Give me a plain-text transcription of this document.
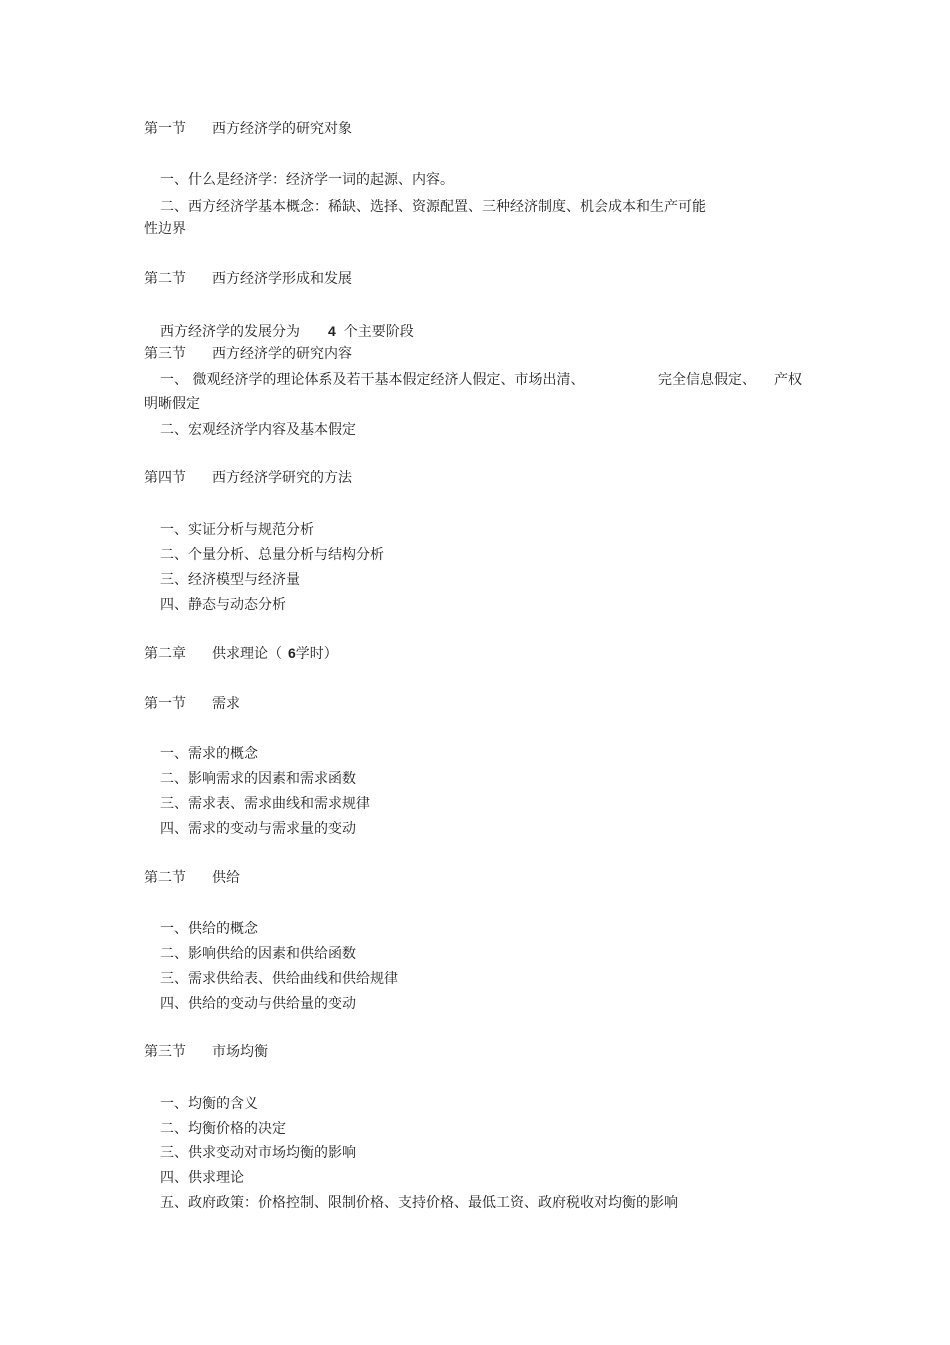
第一节 西方经济学的研究对象
一、什么是经济学：经济学一词的起源、内容。
二、西方经济学基本概念：稀缺、选择、资源配置、三种经济制度、机会成本和生产可能
性边界
第二节 西方经济学形成和发展
西方经济学的发展分为 4 个主要阶段
第三节 西方经济学的研究内容
一、 微观经济学的理论体系及若干基本假定经济人假定、市场出清、	完全信息假定、 产权
明晰假定
二、宏观经济学内容及基本假定
第四节 西方经济学研究的方法
一、实证分析与规范分析
二、个量分析、总量分析与结构分析
三、经济模型与经济量
四、静态与动态分析
第二章 供求理论（ 6学时）
第一节 需求
一、需求的概念
二、影响需求的因素和需求函数
三、需求表、需求曲线和需求规律
四、需求的变动与需求量的变动
第二节 供给
一、供给的概念
二、影响供给的因素和供给函数
三、需求供给表、供给曲线和供给规律
四、供给的变动与供给量的变动
第三节 市场均衡
一、均衡的含义
二、均衡价格的决定
三、供求变动对市场均衡的影响
四、供求理论
五、政府政策：价格控制、限制价格、支持价格、最低工资、政府税收对均衡的影响
